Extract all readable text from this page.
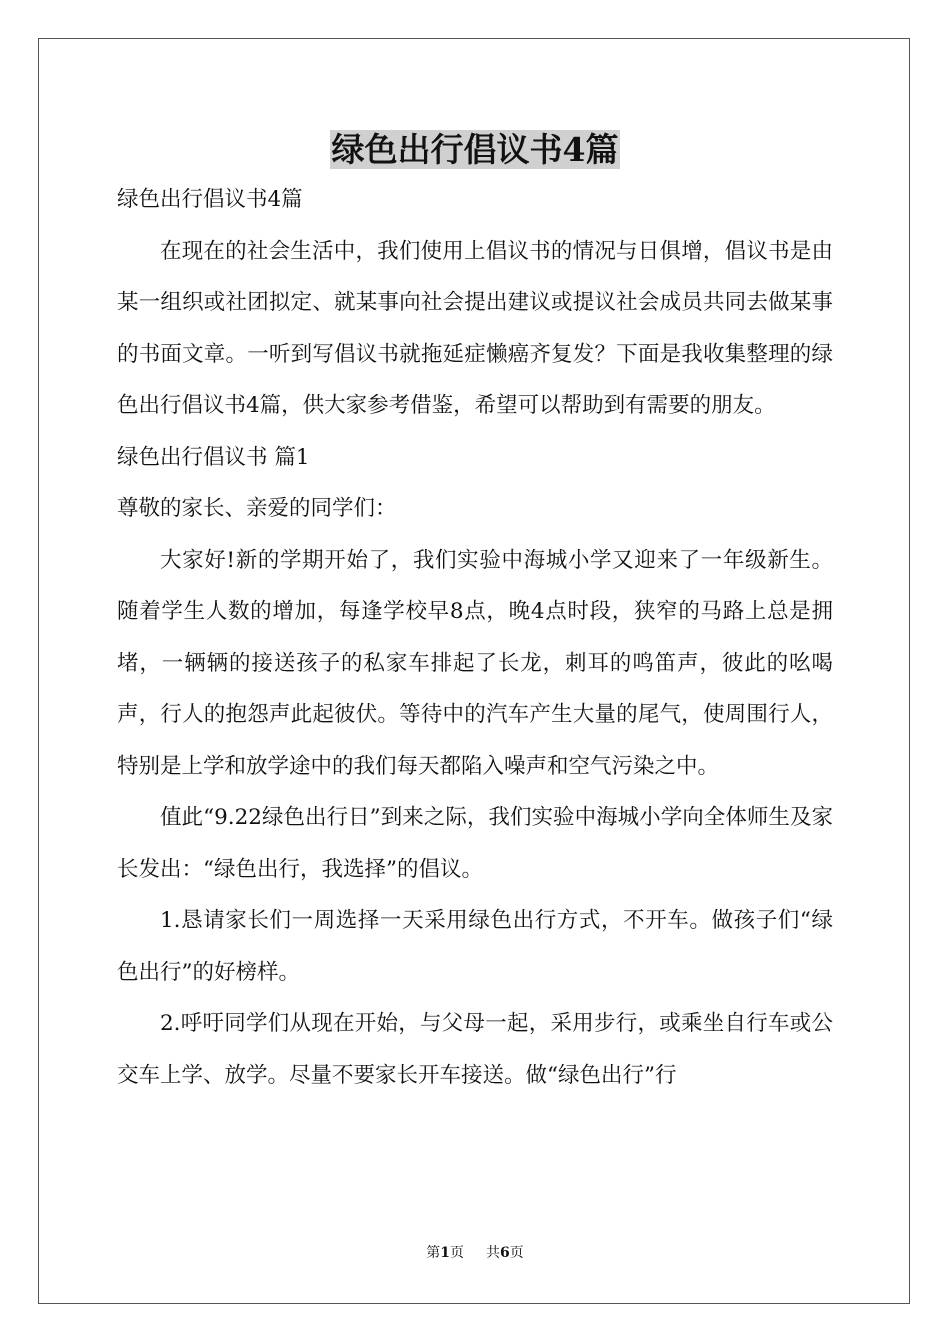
绿色出行倡议书4篇

绿色出行倡议书4篇

在现在的社会生活中，我们使用上倡议书的情况与日俱增，倡议书是由某一组织或社团拟定、就某事向社会提出建议或提议社会成员共同去做某事的书面文章。一听到写倡议书就拖延症懒癌齐复发？下面是我收集整理的绿色出行倡议书4篇，供大家参考借鉴，希望可以帮助到有需要的朋友。

绿色出行倡议书 篇1

尊敬的家长、亲爱的同学们：

大家好!新的学期开始了，我们实验中海城小学又迎来了一年级新生。随着学生人数的增加，每逢学校早8点，晚4点时段，狭窄的马路上总是拥堵，一辆辆的接送孩子的私家车排起了长龙，刺耳的鸣笛声，彼此的吆喝声，行人的抱怨声此起彼伏。等待中的汽车产生大量的尾气，使周围行人，特别是上学和放学途中的我们每天都陷入噪声和空气污染之中。

值此“9.22绿色出行日”到来之际，我们实验中海城小学向全体师生及家长发出：“绿色出行，我选择”的倡议。

1.恳请家长们一周选择一天采用绿色出行方式，不开车。做孩子们“绿色出行”的好榜样。

2.呼吁同学们从现在开始，与父母一起，采用步行，或乘坐自行车或公交车上学、放学。尽量不要家长开车接送。做“绿色出行”行

第1页 共6页
